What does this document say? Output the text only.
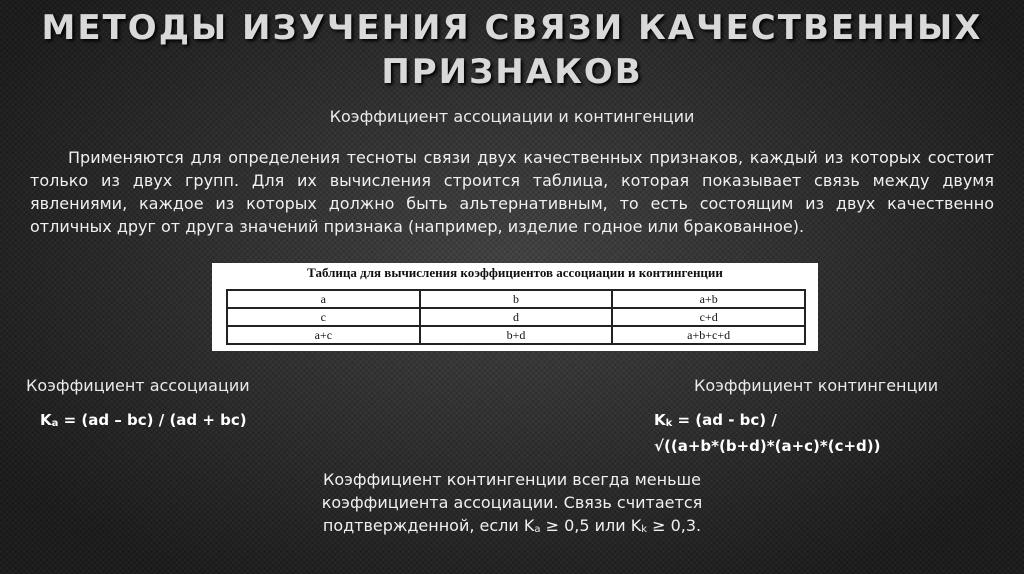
МЕТОДЫ ИЗУЧЕНИЯ СВЯЗИ КАЧЕСТВЕННЫХ ПРИЗНАКОВ
Коэффициент ассоциации и контингенции
Применяются для определения тесноты связи двух качественных признаков, каждый из которых состоит только из двух групп. Для их вычисления строится таблица, которая показывает связь между двумя явлениями, каждое из которых должно быть альтернативным, то есть состоящим из двух качественно отличных друг от друга значений признака (например, изделие годное или бракованное).
Таблица для вычисления коэффициентов ассоциации и контингенции
a	b	a+b
c	d	c+d
a+c	b+d	a+b+c+d
Коэффициент ассоциации	Коэффициент контингенции
Ka = (ad – bc) / (ad + bc)	Kk = (ad - bc) /
√((a+b*(b+d)*(a+c)*(c+d))
Коэффициент контингенции всегда меньше
коэффициента ассоциации. Связь считается
подтвержденной, если Ka ≥ 0,5 или Kk ≥ 0,3.
